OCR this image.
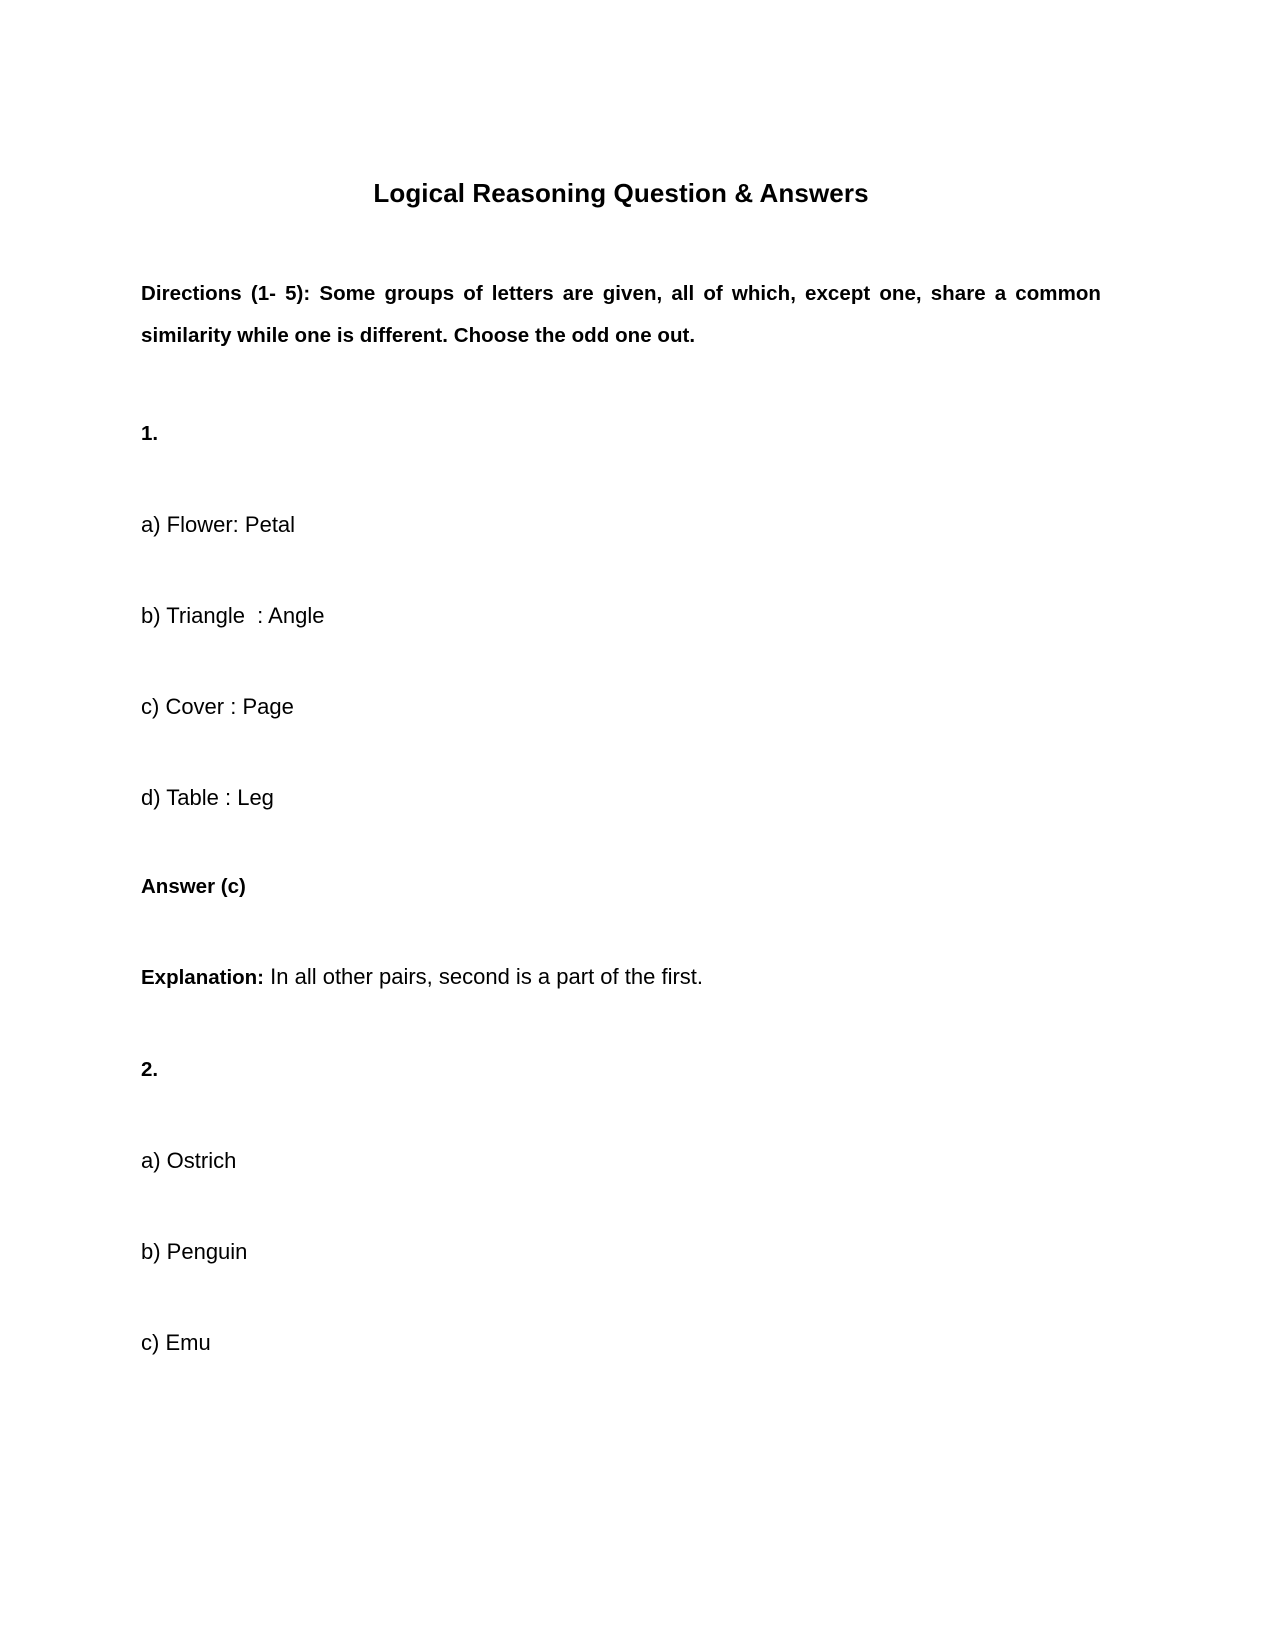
Logical Reasoning Question & Answers

Directions (1- 5): Some groups of letters are given, all of which, except one, share a common similarity while one is different. Choose the odd one out.

1.

a) Flower: Petal

b) Triangle  : Angle

c) Cover : Page

d) Table : Leg

Answer (c)

Explanation: In all other pairs, second is a part of the first.

2.

a) Ostrich

b) Penguin

c) Emu
